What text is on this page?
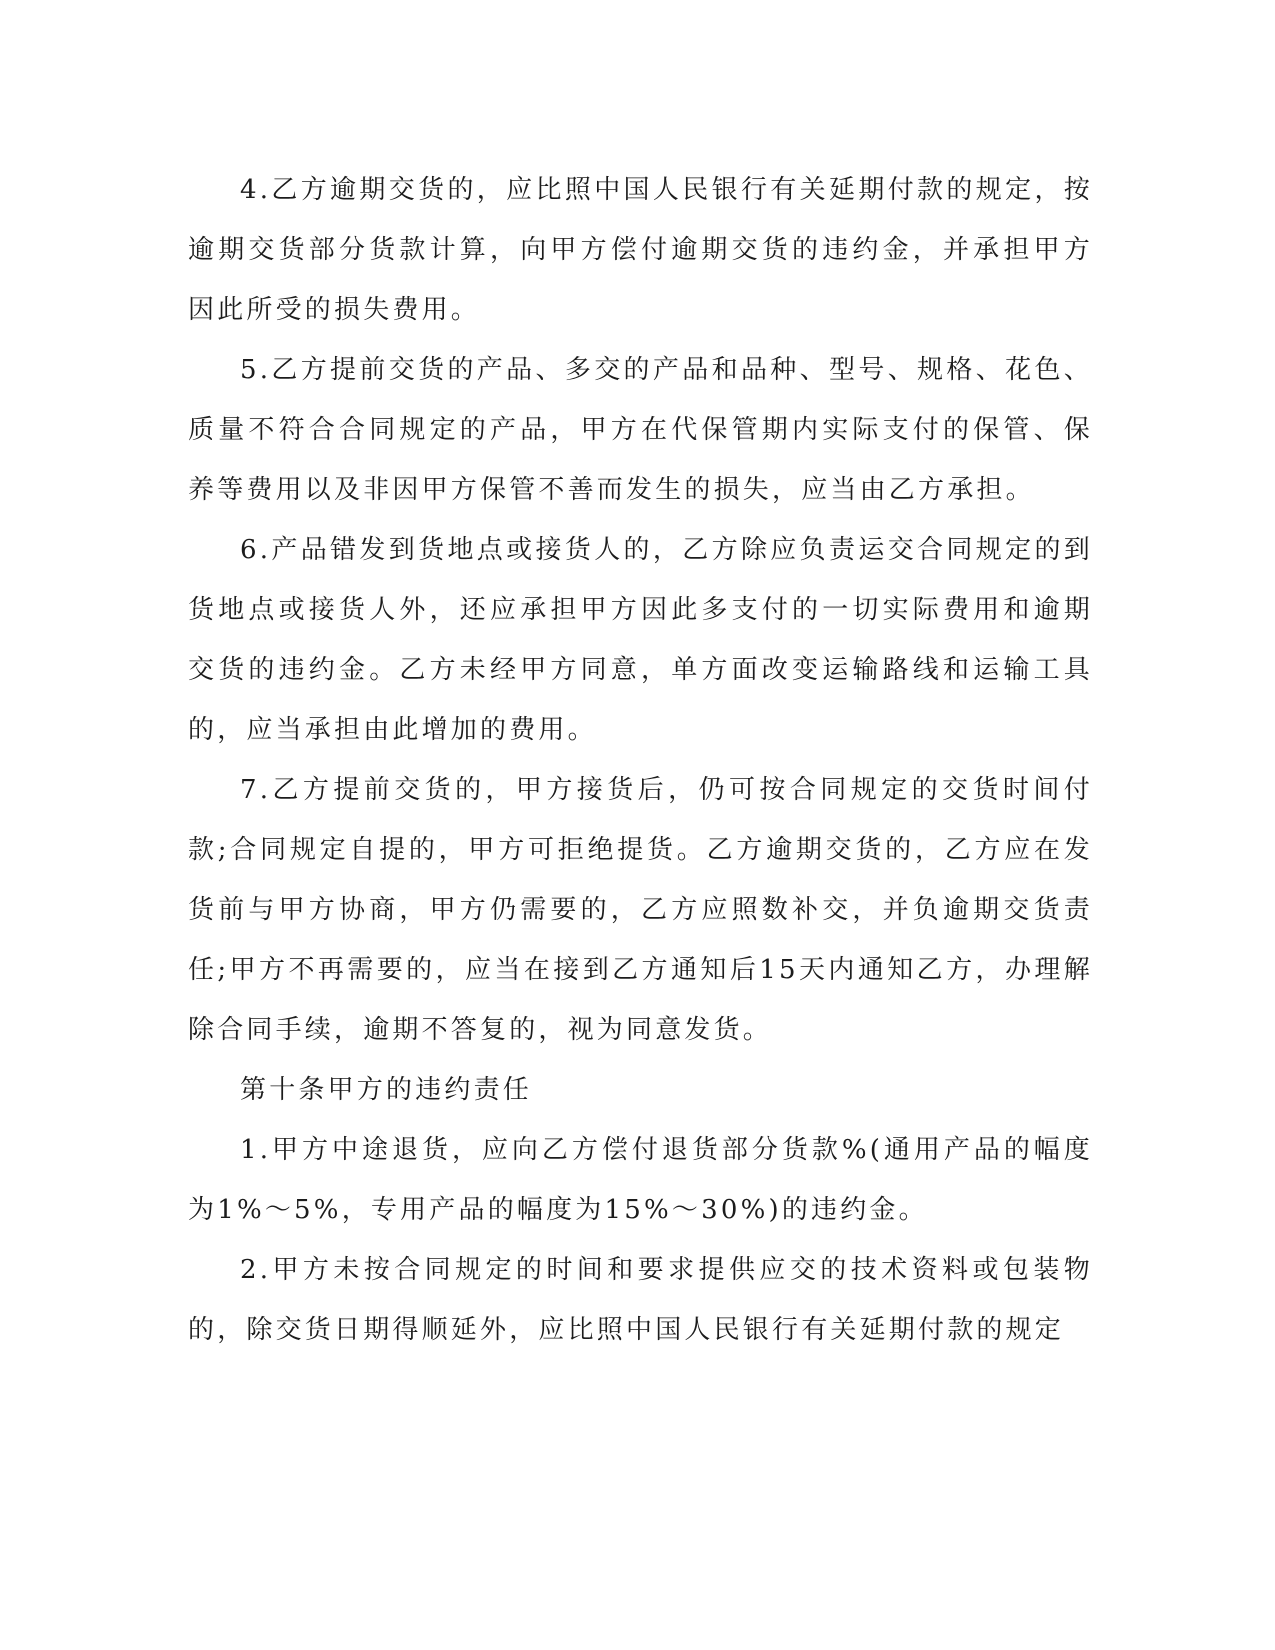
4.乙方逾期交货的，应比照中国人民银行有关延期付款的规定，按逾期交货部分货款计算，向甲方偿付逾期交货的违约金，并承担甲方因此所受的损失费用。

5.乙方提前交货的产品、多交的产品和品种、型号、规格、花色、质量不符合合同规定的产品，甲方在代保管期内实际支付的保管、保养等费用以及非因甲方保管不善而发生的损失，应当由乙方承担。

6.产品错发到货地点或接货人的，乙方除应负责运交合同规定的到货地点或接货人外，还应承担甲方因此多支付的一切实际费用和逾期交货的违约金。乙方未经甲方同意，单方面改变运输路线和运输工具的，应当承担由此增加的费用。

7.乙方提前交货的，甲方接货后，仍可按合同规定的交货时间付款;合同规定自提的，甲方可拒绝提货。乙方逾期交货的，乙方应在发货前与甲方协商，甲方仍需要的，乙方应照数补交，并负逾期交货责任;甲方不再需要的，应当在接到乙方通知后15天内通知乙方，办理解除合同手续，逾期不答复的，视为同意发货。

第十条甲方的违约责任

1.甲方中途退货，应向乙方偿付退货部分货款%(通用产品的幅度为1%～5%，专用产品的幅度为15%～30%)的违约金。

2.甲方未按合同规定的时间和要求提供应交的技术资料或包装物的，除交货日期得顺延外，应比照中国人民银行有关延期付款的规定
